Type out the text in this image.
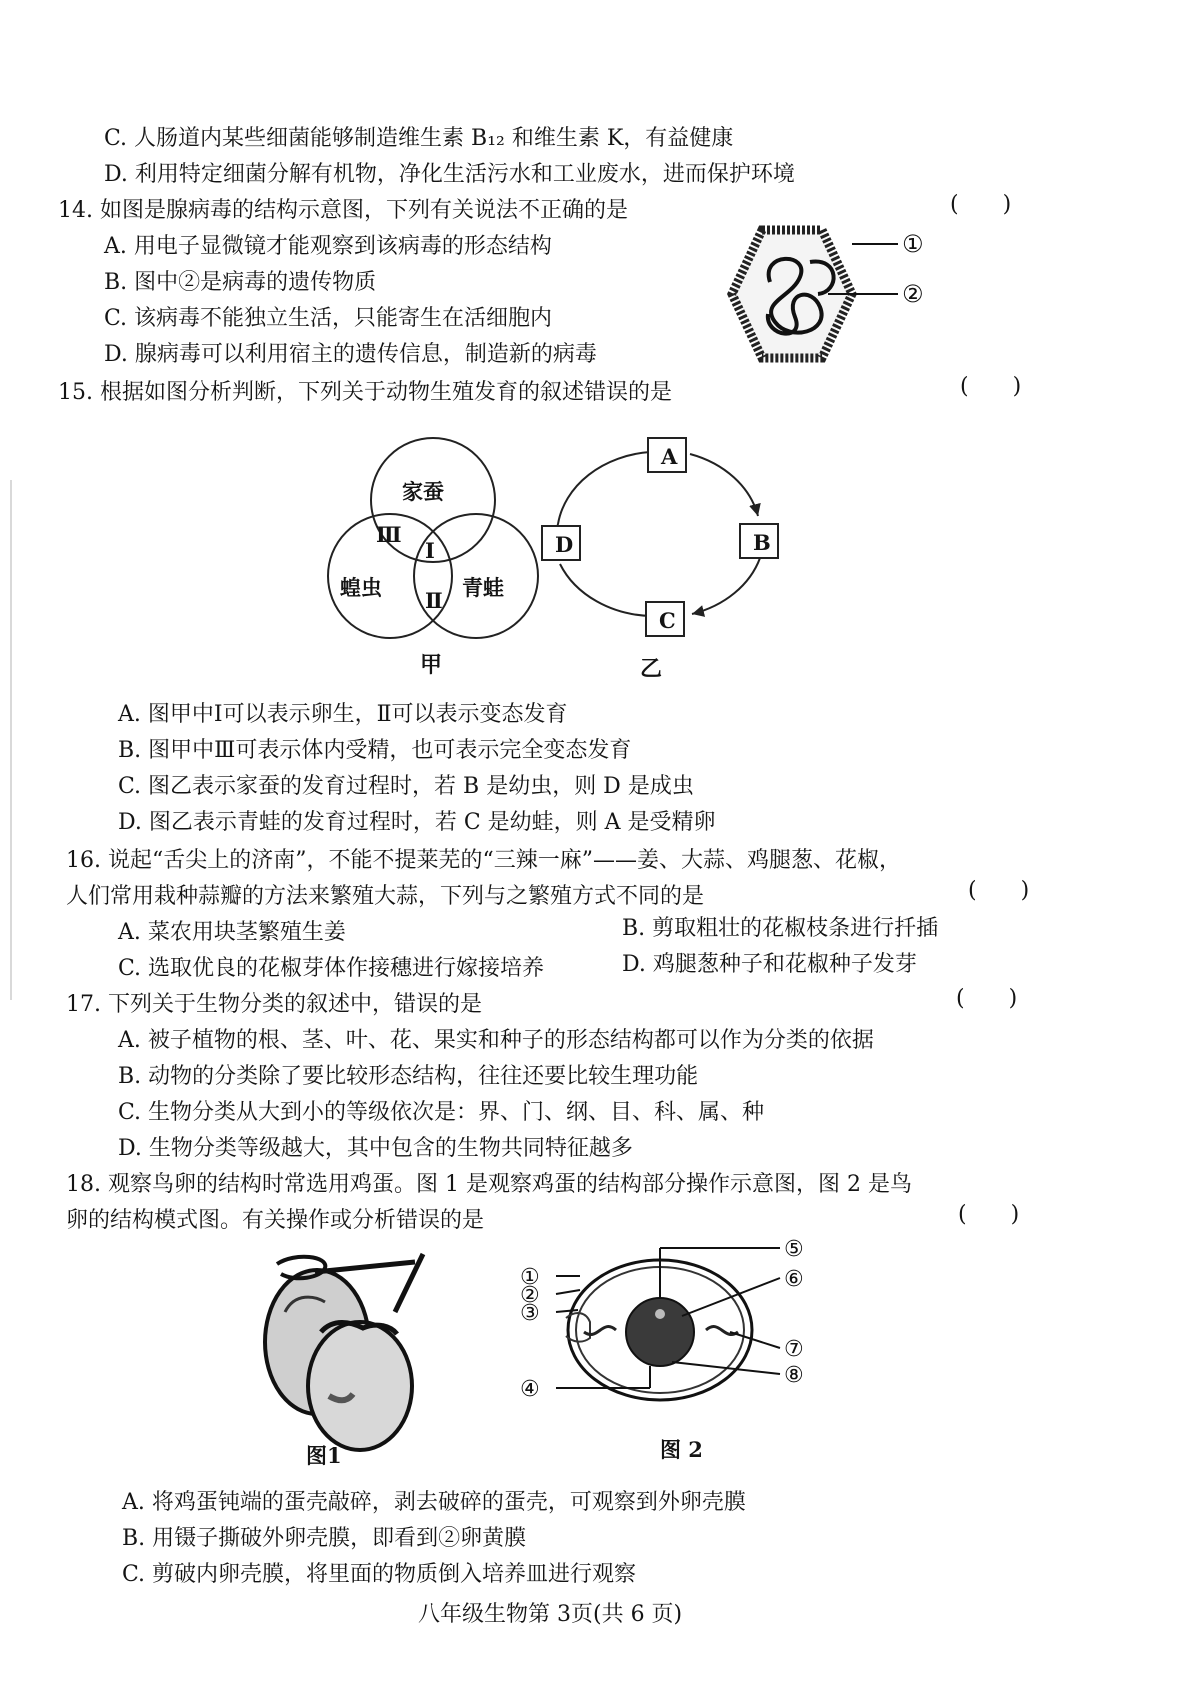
C. 人肠道内某些细菌能够制造维生素 B₁₂ 和维生素 K，有益健康
D. 利用特定细菌分解有机物，净化生活污水和工业废水，进而保护环境
14. 如图是腺病毒的结构示意图，下列有关说法不正确的是	(　　)
A. 用电子显微镜才能观察到该病毒的形态结构
B. 图中②是病毒的遗传物质
C. 该病毒不能独立生活，只能寄生在活细胞内
D. 腺病毒可以利用宿主的遗传信息，制造新的病毒
①
②
15. 根据如图分析判断，下列关于动物生殖发育的叙述错误的是	(　　)
家蚕
蝗虫	青蛙
Ⅰ
Ⅱ
Ⅲ
甲
A
B
C
D
乙
A. 图甲中Ⅰ可以表示卵生，Ⅱ可以表示变态发育
B. 图甲中Ⅲ可表示体内受精，也可表示完全变态发育
C. 图乙表示家蚕的发育过程时，若 B 是幼虫，则 D 是成虫
D. 图乙表示青蛙的发育过程时，若 C 是幼蛙，则 A 是受精卵
16. 说起“舌尖上的济南”，不能不提莱芜的“三辣一麻”——姜、大蒜、鸡腿葱、花椒，
人们常用栽种蒜瓣的方法来繁殖大蒜，下列与之繁殖方式不同的是	(　　)
A. 菜农用块茎繁殖生姜	B. 剪取粗壮的花椒枝条进行扦插
C. 选取优良的花椒芽体作接穗进行嫁接培养	D. 鸡腿葱种子和花椒种子发芽
17. 下列关于生物分类的叙述中，错误的是	(　　)
A. 被子植物的根、茎、叶、花、果实和种子的形态结构都可以作为分类的依据
B. 动物的分类除了要比较形态结构，往往还要比较生理功能
C. 生物分类从大到小的等级依次是：界、门、纲、目、科、属、种
D. 生物分类等级越大，其中包含的生物共同特征越多
18. 观察鸟卵的结构时常选用鸡蛋。图 1 是观察鸡蛋的结构部分操作示意图，图 2 是鸟
卵的结构模式图。有关操作或分析错误的是	(　　)
图1
①
②
③
④
⑤
⑥
⑦
⑧
图 2
A. 将鸡蛋钝端的蛋壳敲碎，剥去破碎的蛋壳，可观察到外卵壳膜
B. 用镊子撕破外卵壳膜，即看到②卵黄膜
C. 剪破内卵壳膜，将里面的物质倒入培养皿进行观察
八年级生物第 3页(共 6 页)
